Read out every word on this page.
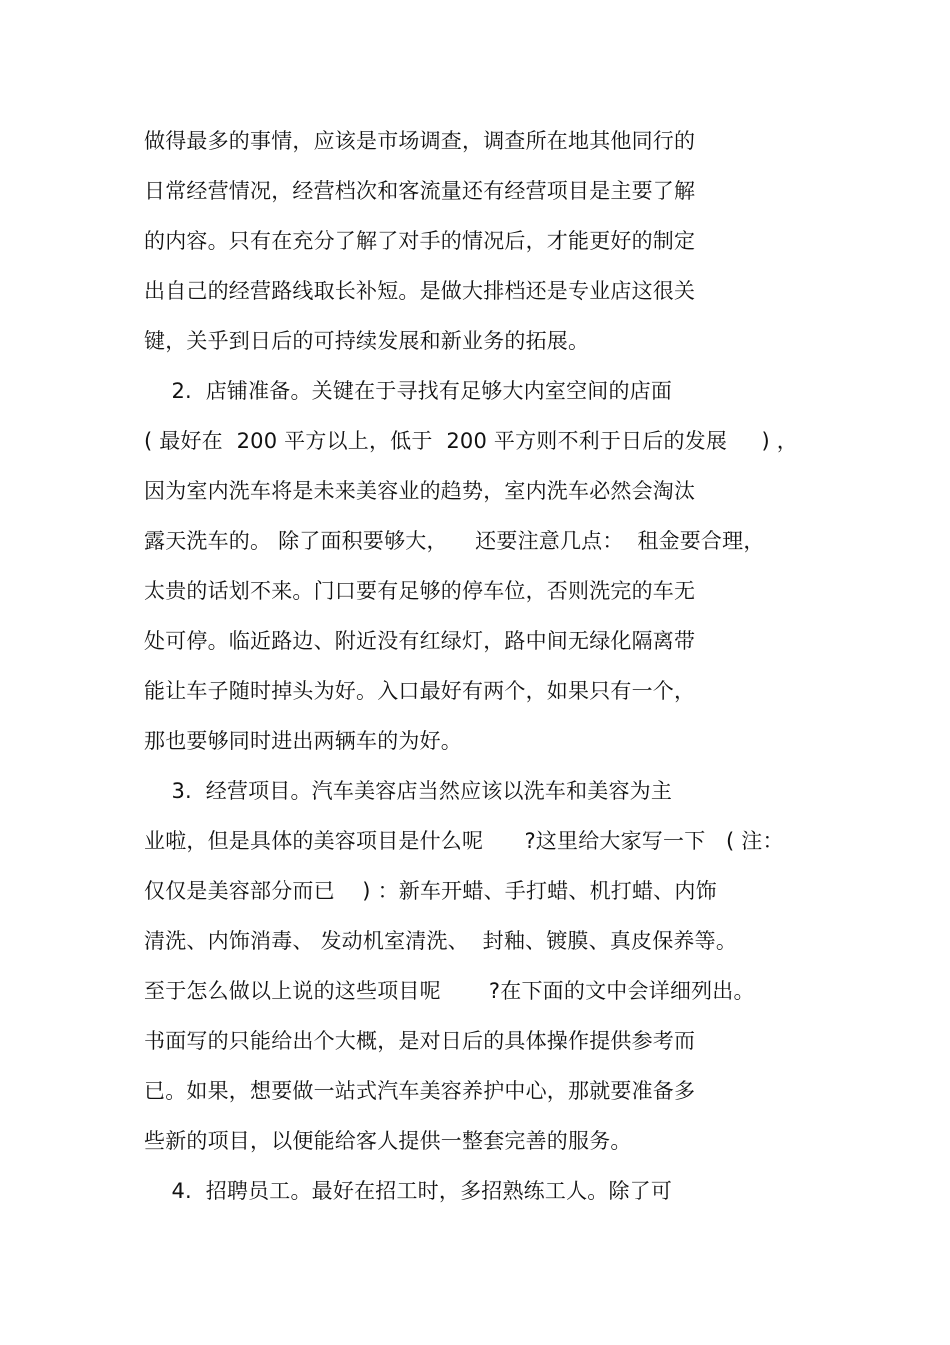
做得最多的事情，应该是市场调查，调查所在地其他同行的
日常经营情况，经营档次和客流量还有经营项目是主要了解
的内容。只有在充分了解了对手的情况后，才能更好的制定
出自己的经营路线取长补短。是做大排档还是专业店这很关
键，关乎到日后的可持续发展和新业务的拓展。
2.  店铺准备。关键在于寻找有足够大内室空间的店面
( 最好在  200 平方以上，低于  200 平方则不利于日后的发展     ) ，
因为室内洗车将是未来美容业的趋势，室内洗车必然会淘汰
露天洗车的。 除了面积要够大，    还要注意几点：  租金要合理，
太贵的话划不来。门口要有足够的停车位，否则洗完的车无
处可停。临近路边、附近没有红绿灯，路中间无绿化隔离带
能让车子随时掉头为好。入口最好有两个，如果只有一个，
那也要够同时进出两辆车的为好。
3.  经营项目。汽车美容店当然应该以洗车和美容为主
业啦，但是具体的美容项目是什么呢      ?这里给大家写一下   ( 注：
仅仅是美容部分而已    ) ：新车开蜡、手打蜡、机打蜡、内饰
清洗、内饰消毒、 发动机室清洗、  封釉、镀膜、真皮保养等。
至于怎么做以上说的这些项目呢       ?在下面的文中会详细列出。
书面写的只能给出个大概，是对日后的具体操作提供参考而
已。如果，想要做一站式汽车美容养护中心，那就要准备多
些新的项目，以便能给客人提供一整套完善的服务。
4.  招聘员工。最好在招工时，多招熟练工人。除了可
